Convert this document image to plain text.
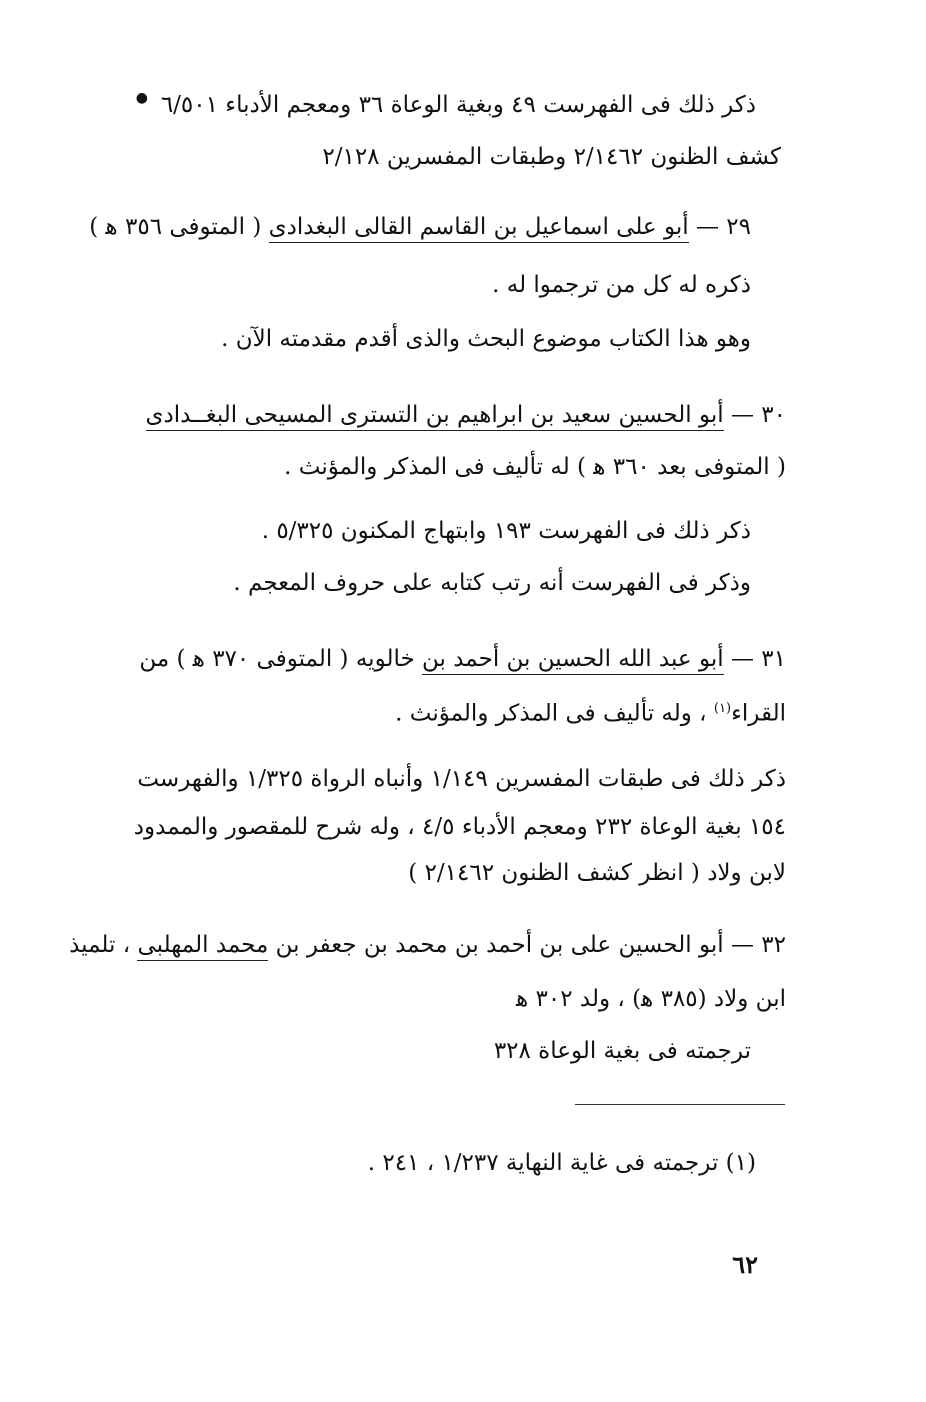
● ذكر ذلك فى الفهرست ٤٩ وبغية الوعاة ٣٦ ومعجم الأدباء ٦/٥٠١
كشف الظنون ٢/١٤٦٢ وطبقات المفسرين ٢/١٢٨
٢٩ — أبو على اسماعيل بن القاسم القالى البغدادى ( المتوفى ٣٥٦ ﻫ )
ذكره له كل من ترجموا له .
وهو هذا الكتاب موضوع البحث والذى أقدم مقدمته الآن .
٣٠ — أبو الحسين سعيد بن ابراهيم بن التسترى المسيحى البغــدادى
( المتوفى بعد ٣٦٠ ﻫ ) له تأليف فى المذكر والمؤنث .
ذكر ذلك فى الفهرست ١٩٣ وابتهاج المكنون ٥/٣٢٥ .
وذكر فى الفهرست أنه رتب كتابه على حروف المعجم .
٣١ — أبو عبد الله الحسين بن أحمد بن خالويه ( المتوفى ٣٧٠ ﻫ ) من
القراء$^{(١)}$ ، وله تأليف فى المذكر والمؤنث .
ذكر ذلك فى طبقات المفسرين ١/١٤٩ وأنباه الرواة ١/٣٢٥ والفهرست
١٥٤ بغية الوعاة ٢٣٢ ومعجم الأدباء ٤/٥ ، وله شرح للمقصور والممدود
لابن ولاد ( انظر كشف الظنون ٢/١٤٦٢ )
٣٢ — أبو الحسين على بن أحمد بن محمد بن جعفر بن محمد المهلبى ، تلميذ
ابن ولاد (٣٨٥ ﻫ) ، ولد ٣٠٢ ﻫ
ترجمته فى بغية الوعاة ٣٢٨
(١) ترجمته فى غاية النهاية ١/٢٣٧ ، ٢٤١ .
٦٢
